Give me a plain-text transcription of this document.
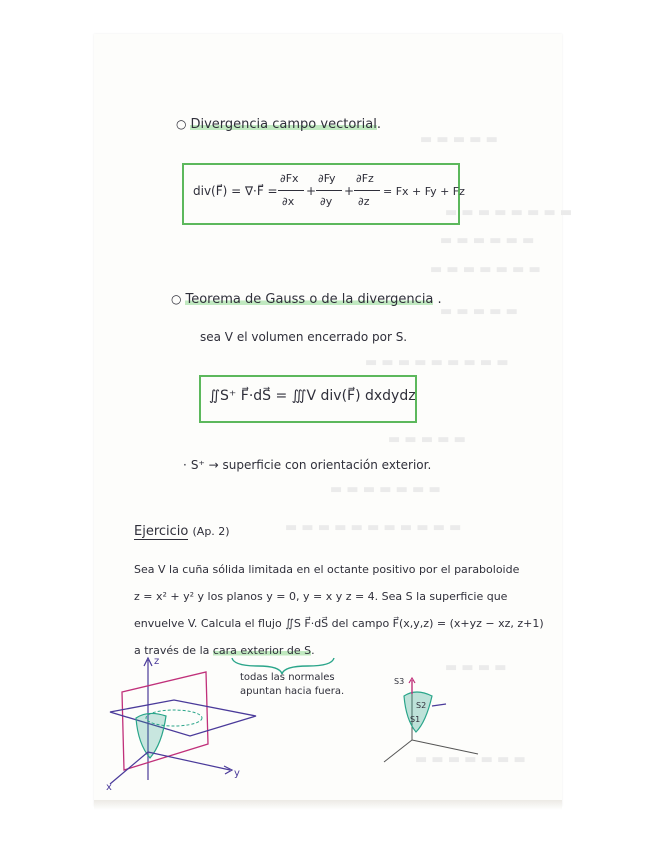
▬ ▬ ▬ ▬ ▬
▬ ▬ ▬ ▬ ▬ ▬ ▬ ▬
▬ ▬ ▬ ▬ ▬ ▬
▬ ▬ ▬ ▬ ▬ ▬ ▬
▬ ▬ ▬ ▬ ▬
▬ ▬ ▬ ▬ ▬ ▬ ▬ ▬ ▬
▬ ▬ ▬ ▬ ▬
▬ ▬ ▬ ▬ ▬ ▬ ▬
▬ ▬ ▬ ▬ ▬ ▬ ▬ ▬ ▬ ▬ ▬
▬ ▬ ▬ ▬
▬ ▬ ▬ ▬ ▬ ▬ ▬
○ Divergencia campo vectorial.
div(F⃗) = ∇·F⃗ =
∂Fx
∂x
+
∂Fy
∂y
+
∂Fz
∂z
= Fx + Fy + Fz
○ Teorema de Gauss o de la divergencia .
sea V el volumen encerrado por S.
∬S⁺ F⃗·dS⃗ = ∭V div(F⃗) dxdydz
· S⁺ → superficie con orientación exterior.
Ejercicio (Ap. 2)
Sea V la cuña sólida limitada en el octante positivo por el paraboloide
z = x² + y² y los planos y = 0, y = x y z = 4. Sea S la superficie que
envuelve V. Calcula el flujo ∬S F⃗·dS⃗ del campo F⃗(x,y,z) = (x+yz − xz, z+1)
a través de la cara exterior de S.
todas las normales
apuntan hacia fuera.
z
y
x
S3
S1
S2
